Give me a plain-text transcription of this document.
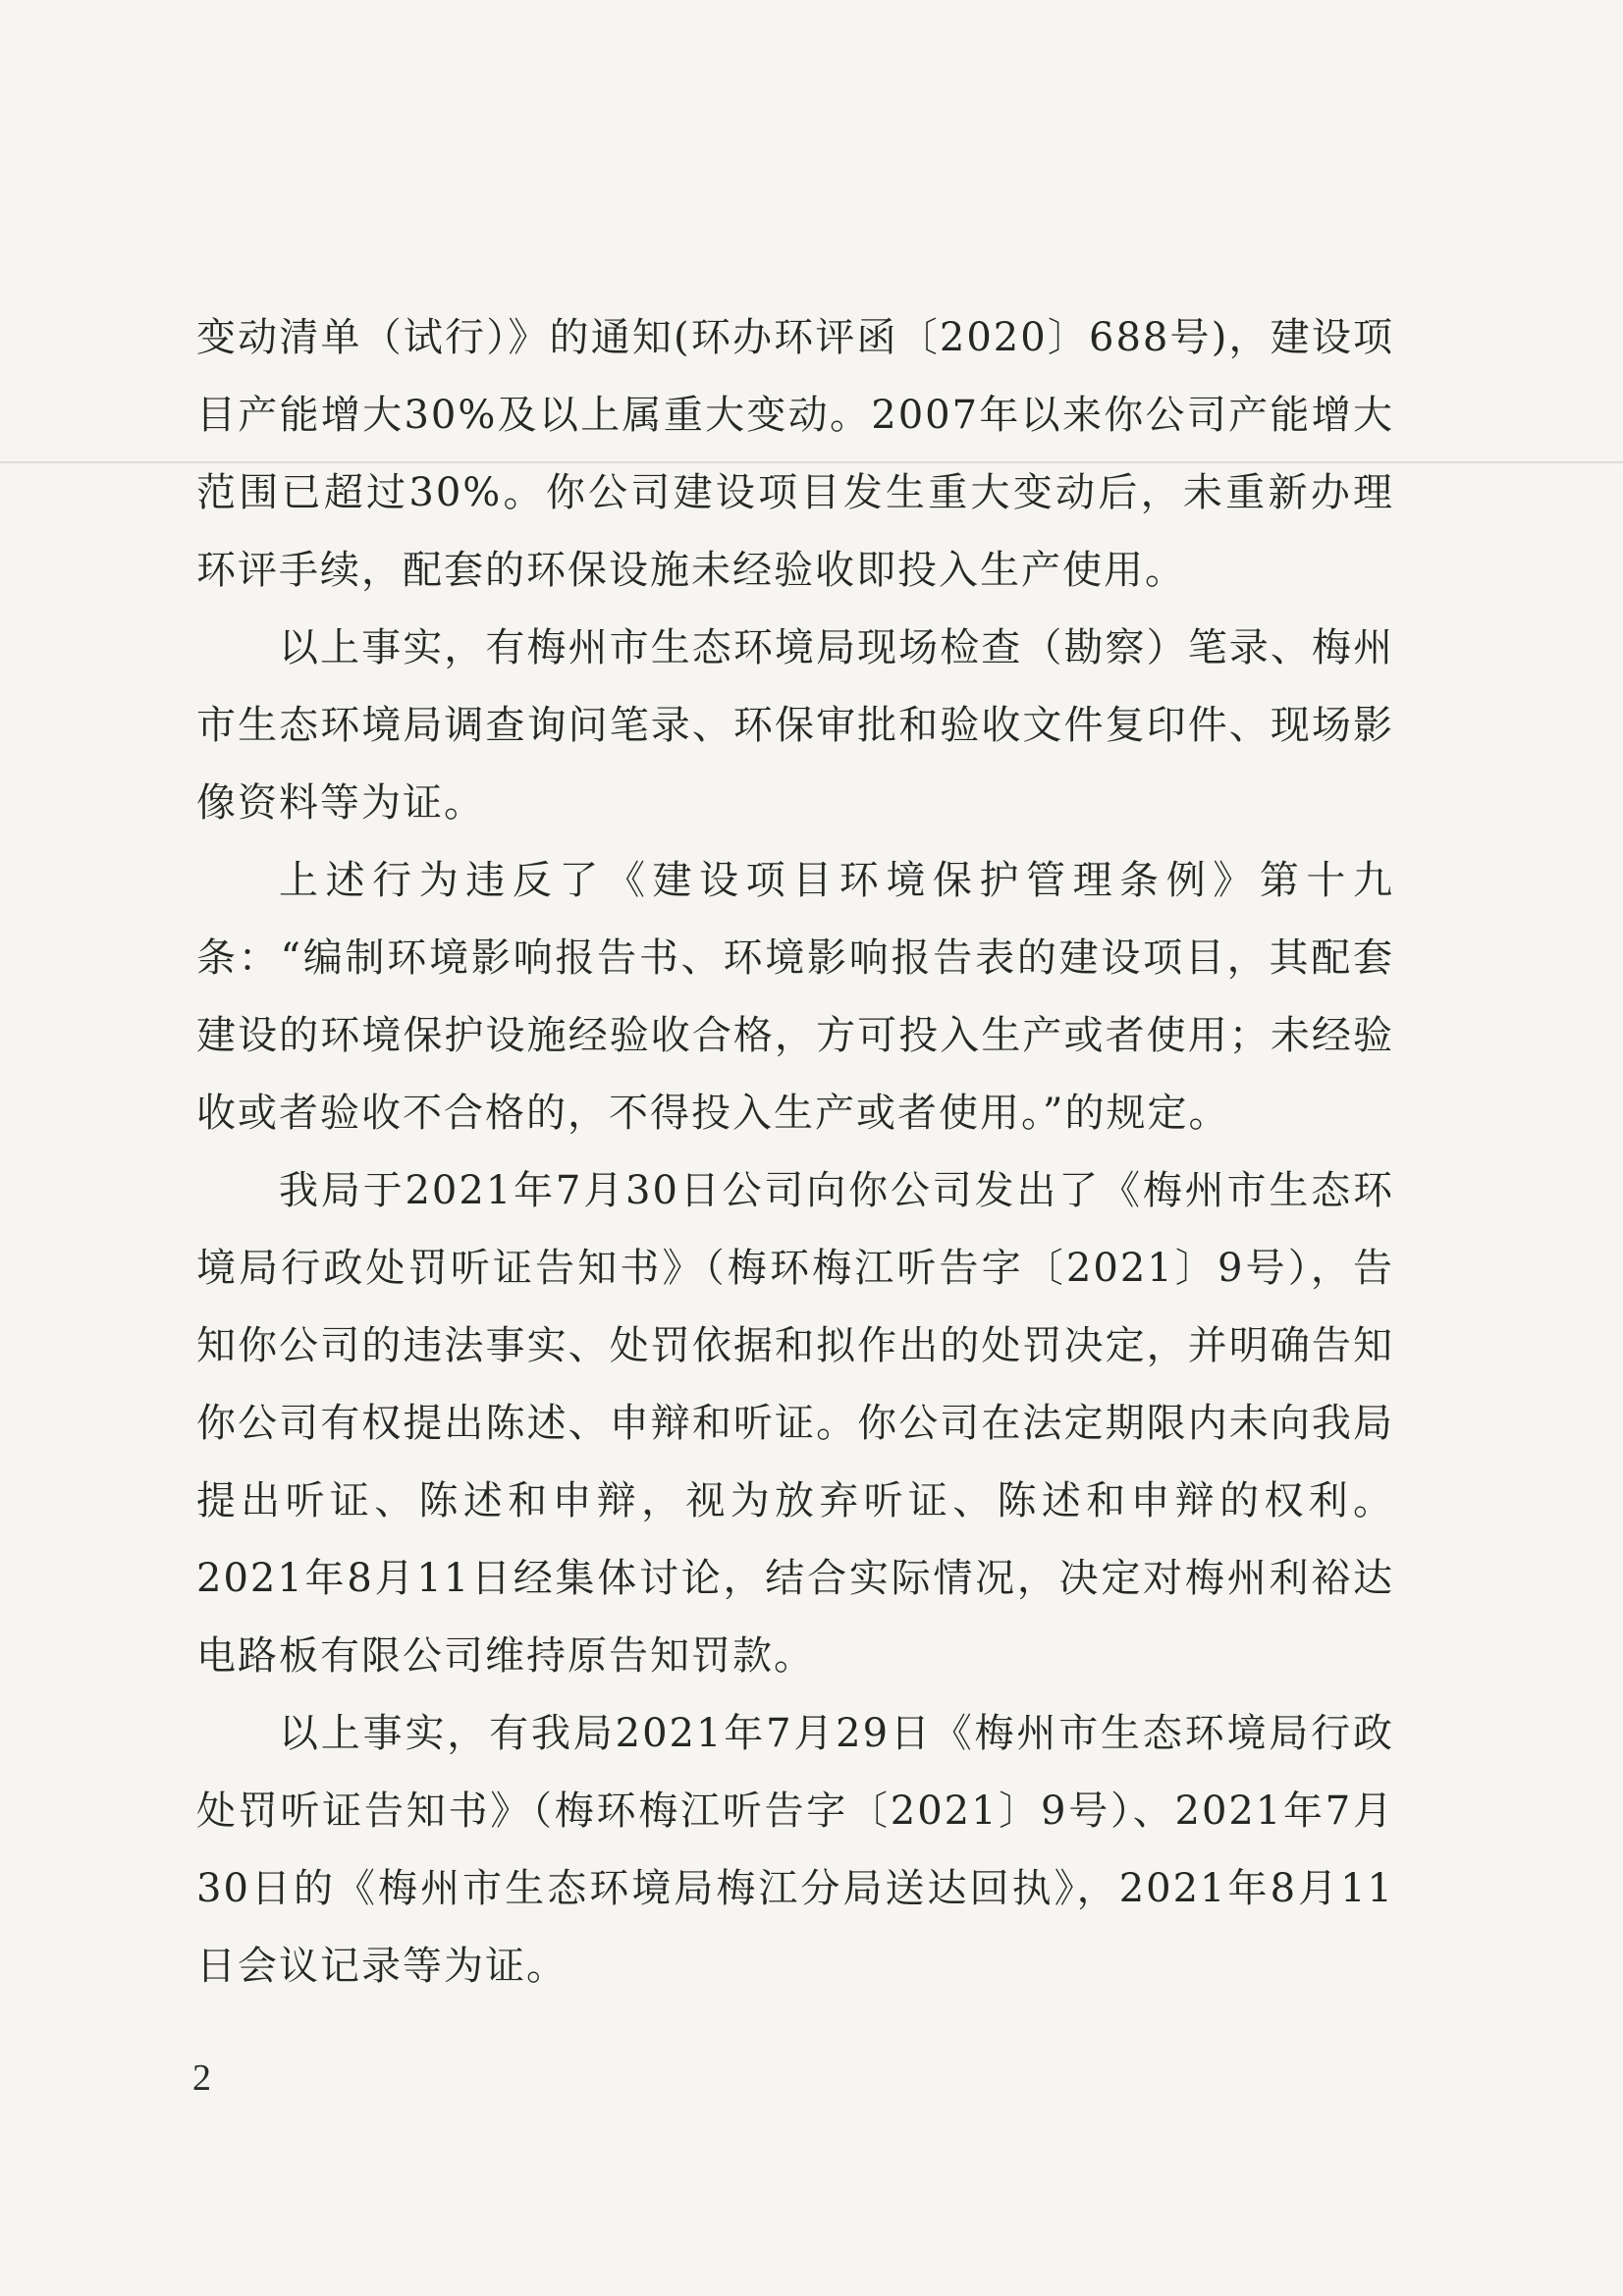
变动清单（试行）》的通知(环办环评函〔2020〕688号)，建设项目产能增大30%及以上属重大变动。2007年以来你公司产能增大范围已超过30%。你公司建设项目发生重大变动后，未重新办理环评手续，配套的环保设施未经验收即投入生产使用。

以上事实，有梅州市生态环境局现场检查（勘察）笔录、梅州市生态环境局调查询问笔录、环保审批和验收文件复印件、现场影像资料等为证。

上述行为违反了《建设项目环境保护管理条例》第十九条：“编制环境影响报告书、环境影响报告表的建设项目，其配套建设的环境保护设施经验收合格，方可投入生产或者使用；未经验收或者验收不合格的，不得投入生产或者使用。”的规定。

我局于2021年7月30日公司向你公司发出了《梅州市生态环境局行政处罚听证告知书》（梅环梅江听告字〔2021〕9号），告知你公司的违法事实、处罚依据和拟作出的处罚决定，并明确告知你公司有权提出陈述、申辩和听证。你公司在法定期限内未向我局提出听证、陈述和申辩，视为放弃听证、陈述和申辩的权利。2021年8月11日经集体讨论，结合实际情况，决定对梅州利裕达电路板有限公司维持原告知罚款。

以上事实，有我局2021年7月29日《梅州市生态环境局行政处罚听证告知书》（梅环梅江听告字〔2021〕9号）、2021年7月30日的《梅州市生态环境局梅江分局送达回执》，2021年8月11日会议记录等为证。

2
